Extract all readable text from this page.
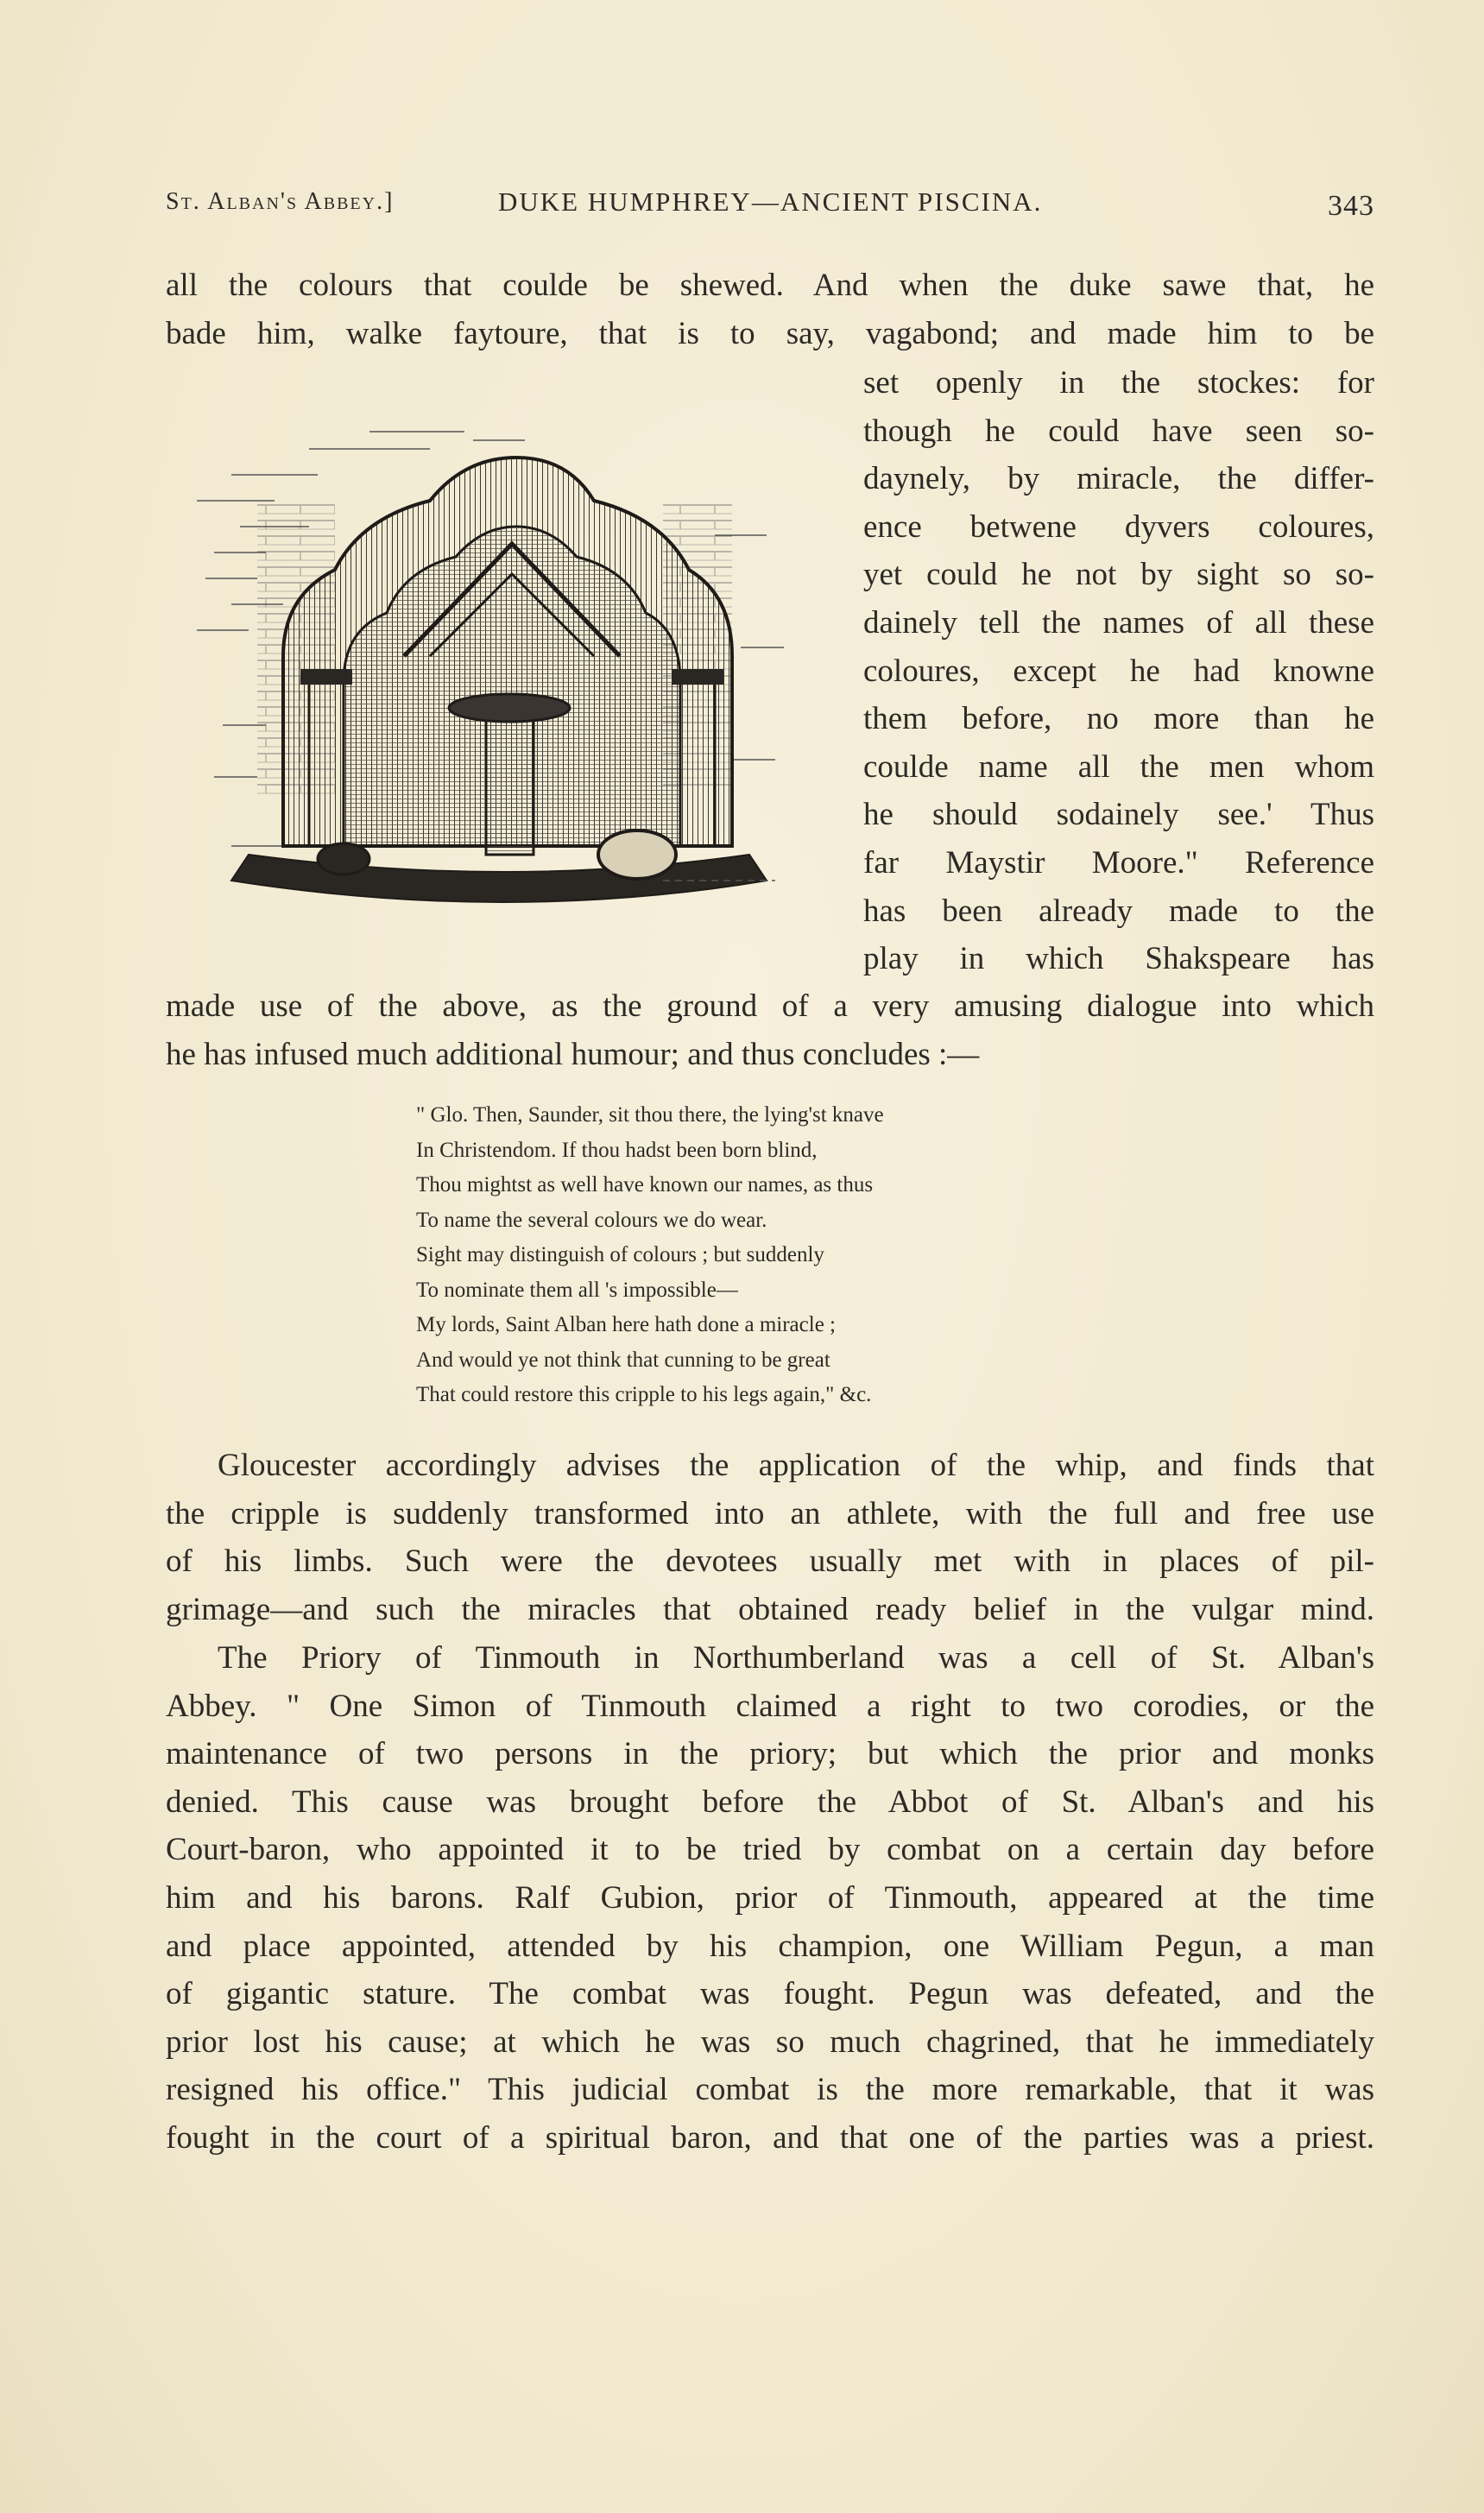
St. Alban's Abbey.]	DUKE HUMPHREY—ANCIENT PISCINA.	343
all the colours that coulde be shewed. And when the duke sawe that, he
bade him, walke faytoure, that is to say, vagabond; and made him to be
set openly in the stockes: for
though he could have seen so-
daynely, by miracle, the differ-
ence betwene dyvers coloures,
yet could he not by sight so so-
dainely tell the names of all these
coloures, except he had knowne
them before, no more than he
coulde name all the men whom
he should sodainely see.' Thus
far Maystir Moore." Reference
has been already made to the
play in which Shakspeare has
made use of the above, as the ground of a very amusing dialogue into which
he has infused much additional humour; and thus concludes :—
" Glo. Then, Saunder, sit thou there, the lying'st knave
In Christendom. If thou hadst been born blind,
Thou mightst as well have known our names, as thus
To name the several colours we do wear.
Sight may distinguish of colours ; but suddenly
To nominate them all 's impossible—
My lords, Saint Alban here hath done a miracle ;
And would ye not think that cunning to be great
That could restore this cripple to his legs again," &c.
Gloucester accordingly advises the application of the whip, and finds that
the cripple is suddenly transformed into an athlete, with the full and free use
of his limbs. Such were the devotees usually met with in places of pil-
grimage—and such the miracles that obtained ready belief in the vulgar mind.
The Priory of Tinmouth in Northumberland was a cell of St. Alban's
Abbey. " One Simon of Tinmouth claimed a right to two corodies, or the
maintenance of two persons in the priory; but which the prior and monks
denied. This cause was brought before the Abbot of St. Alban's and his
Court-baron, who appointed it to be tried by combat on a certain day before
him and his barons. Ralf Gubion, prior of Tinmouth, appeared at the time
and place appointed, attended by his champion, one William Pegun, a man
of gigantic stature. The combat was fought. Pegun was defeated, and the
prior lost his cause; at which he was so much chagrined, that he immediately
resigned his office." This judicial combat is the more remarkable, that it was
fought in the court of a spiritual baron, and that one of the parties was a priest.
